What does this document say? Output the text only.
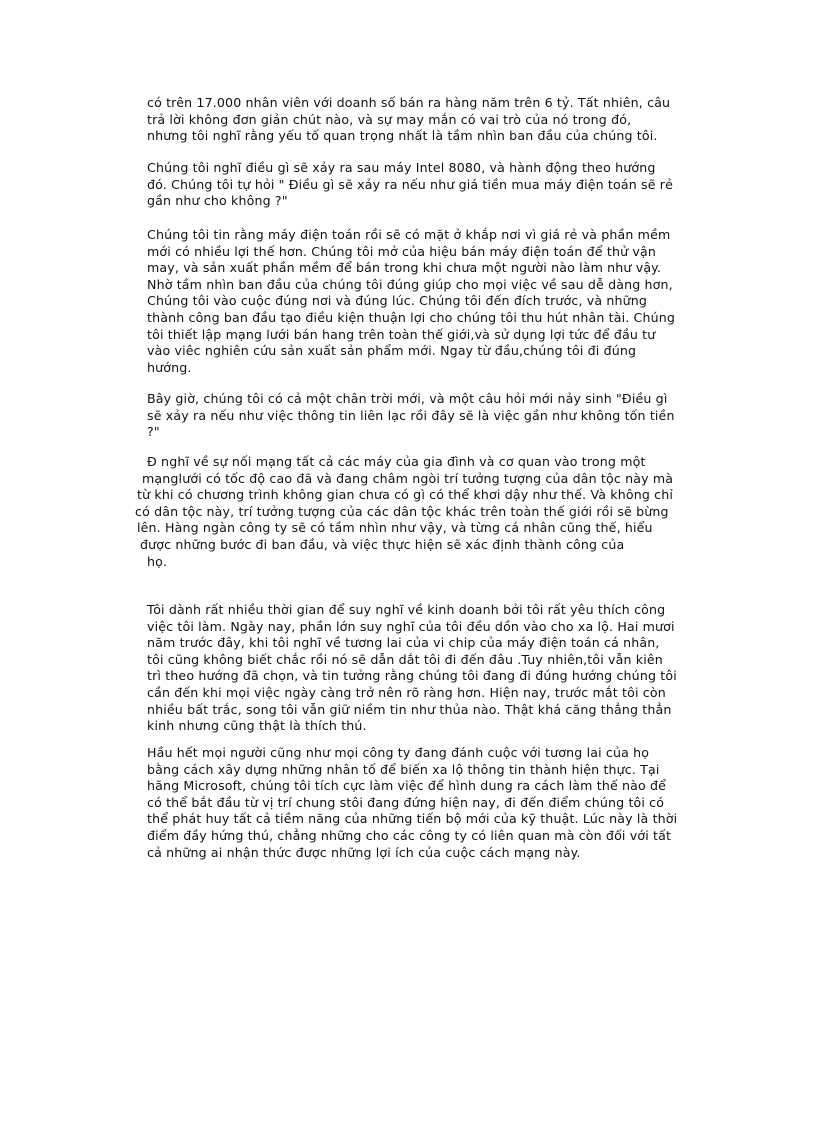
có trên 17.000 nhân viên với doanh số bán ra hàng năm trên 6 tỷ. Tất nhiên, câu
trả lời không đơn giản chút nào, và sự may mắn có vai trò của nó trong đó,
nhưng tôi nghĩ rằng yếu tố quan trọng nhất là tầm nhìn ban đầu của chúng tôi.
Chúng tôi nghĩ điều gì sẽ xảy ra sau máy Intel 8080, và hành động theo hướng
đó. Chúng tôi tự hỏi " Điều gì sẽ xảy ra nếu như giá tiền mua máy điện toán sẽ rẻ
gần như cho không ?"
Chúng tôi tin rằng máy điện toán rồi sẽ có mặt ở khắp nơi vì giá rẻ và phần mềm
mới có nhiều lợi thế hơn. Chúng tôi mở của hiệu bán máy điện toán để thử vận
may, và sản xuất phần mềm để bán trong khi chưa một người nào làm như vậy.
Nhờ tầm nhìn ban đầu của chúng tôi đúng giúp cho mọi việc về sau dễ dàng hơn,
Chúng tôi vào cuộc đúng nơi và đúng lúc. Chúng tôi đến đích trước, và những
thành công ban đầu tạo điều kiện thuận lợi cho chúng tôi thu hút nhân tài. Chúng
tôi thiết lập mạng lưới bán hang trên toàn thế giới,và sử dụng lợi tức để đầu tư
vào viêc nghiên cứu sản xuất sản phẩm mới. Ngay từ đầu,chúng tôi đi đúng
hướng.
Bây giờ, chúng tôi có cả một chân trời mới, và một câu hỏi mới nảy sinh "Điều gì
sẽ xảy ra nếu như việc thông tin liên lạc rồi đây sẽ là việc gần như không tốn tiền
?"
Đ nghĩ về sự nối mạng tất cả các máy của gia đình và cơ quan vào trong một
mạnglưới có tốc độ cao đã và đang châm ngòi trí tưởng tượng của dân tộc này mà
từ khi có chương trình không gian chưa có gì có thể khơi dậy như thế. Và không chỉ
có dân tộc này, trí tưởng tượng của các dân tộc khác trên toàn thế giới rồi sẽ bừng
lên. Hàng ngàn công ty sẽ có tầm nhìn như vậy, và từng cá nhân cũng thế, hiểu
được những bước đi ban đầu, và việc thực hiện sẽ xác định thành công của
họ.
Tôi dành rất nhiều thời gian để suy nghĩ về kinh doanh bởi tôi rất yêu thích công
việc tôi làm. Ngày nay, phần lớn suy nghĩ của tôi đều dồn vào cho xa lộ. Hai mươi
năm trước đây, khi tôi nghĩ về tương lai của vi chip của máy điện toán cá nhân,
tôi cũng không biết chắc rồi nó sẽ dẫn dắt tôi đi đến đâu .Tuy nhiên,tôi vẫn kiên
trì theo hướng đã chọn, và tin tưởng rằng chúng tôi đang đi đúng hướng chúng tôi
cần đến khi mọi việc ngày càng trở nên rõ ràng hơn. Hiện nay, trước mắt tôi còn
nhiều bất trắc, song tôi vẫn giữ niềm tin như thủa nào. Thật khá căng thẳng thẳn
kinh nhưng cũng thật là thích thú.
Hầu hết mọi người cũng như mọi công ty đang đánh cuộc với tương lai của họ
bằng cách xây dựng những nhân tố để biến xa lộ thông tin thành hiện thực. Tại
hãng Microsoft, chúng tôi tích cực làm việc để hình dung ra cách làm thế nào để
có thể bắt đầu từ vị trí chung stôi đang đứng hiện nay, đi đến điểm chúng tôi có
thể phát huy tất cả tiềm năng của những tiến bộ mới của kỹ thuật. Lúc này là thời
điểm đầy hứng thú, chẳng những cho các công ty có liên quan mà còn đối với tất
cả những ai nhận thức được những lợi ích của cuộc cách mạng này.
